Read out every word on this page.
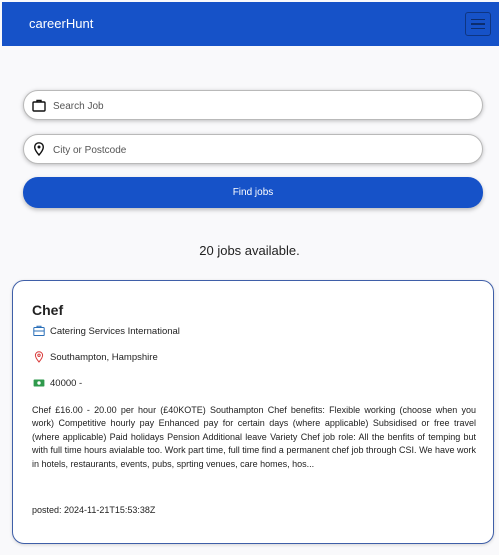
careerHunt
Search Job
City or Postcode
Find jobs
20 jobs available.
Chef
Catering Services International
Southampton, Hampshire
40000 -
Chef £16.00 - 20.00 per hour (£40KOTE) Southampton Chef benefits: Flexible working (choose when you work) Competitive hourly pay Enhanced pay for certain days (where applicable) Subsidised or free travel (where applicable) Paid holidays Pension Additional leave Variety Chef job role: All the benfits of temping but with full time hours avialable too. Work part time, full time find a permanent chef job through CSI. We have work in hotels, restaurants, events, pubs, sprting venues, care homes, hos...
posted: 2024-11-21T15:53:38Z
